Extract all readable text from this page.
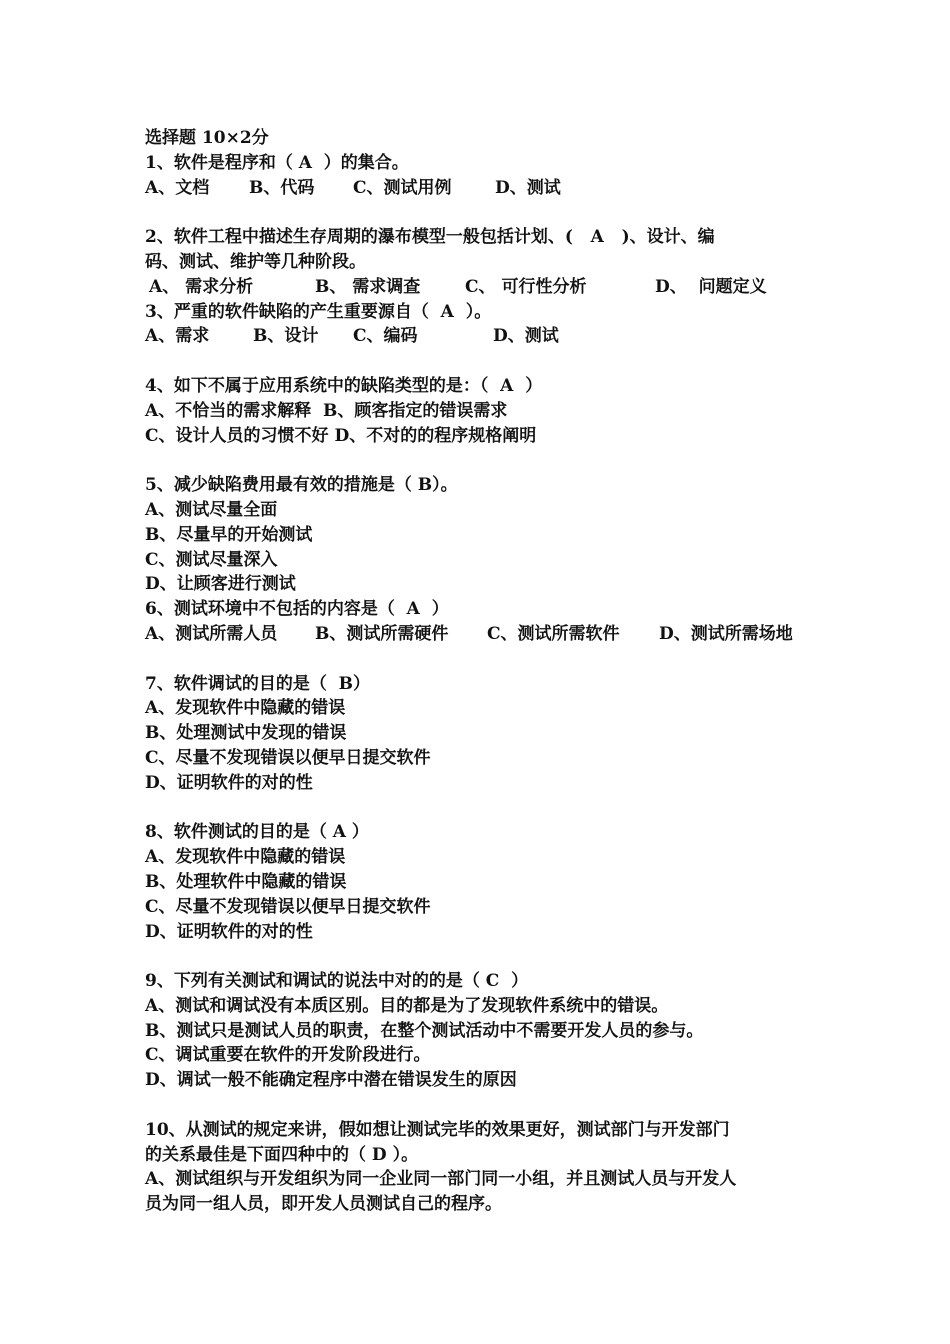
选择题 10×2分
1、软件是程序和（ A  ）的集合。
A、文档	B、代码	C、测试用例	D、测试
2、软件工程中描述生存周期的瀑布模型一般包括计划、(   A   )、设计、编
码、测试、维护等几种阶段。
A、 需求分析	B、 需求调查	C、 可行性分析	D、  问题定义
3、严重的软件缺陷的产生重要源自（  A  ）。
A、需求	B、设计	C、编码	D、测试
4、如下不属于应用系统中的缺陷类型的是：（  A  ）
A、不恰当的需求解释  B、顾客指定的错误需求
C、设计人员的习惯不好 D、不对的的程序规格阐明
5、减少缺陷费用最有效的措施是（ B）。
A、测试尽量全面
B、尽量早的开始测试
C、测试尽量深入
D、让顾客进行测试
6、测试环境中不包括的内容是（  A  ）
A、测试所需人员	B、测试所需硬件	C、测试所需软件	D、测试所需场地
7、软件调试的目的是（  B）
A、发现软件中隐藏的错误
B、处理测试中发现的错误
C、尽量不发现错误以便早日提交软件
D、证明软件的对的性
8、软件测试的目的是（ A ）
A、发现软件中隐藏的错误
B、处理软件中隐藏的错误
C、尽量不发现错误以便早日提交软件
D、证明软件的对的性
9、下列有关测试和调试的说法中对的的是（ C  ）
A、测试和调试没有本质区别。目的都是为了发现软件系统中的错误。
B、测试只是测试人员的职责，在整个测试活动中不需要开发人员的参与。
C、调试重要在软件的开发阶段进行。
D、调试一般不能确定程序中潜在错误发生的原因
10、从测试的规定来讲，假如想让测试完毕的效果更好，测试部门与开发部门
的关系最佳是下面四种中的（ D ）。
A、测试组织与开发组织为同一企业同一部门同一小组，并且测试人员与开发人
员为同一组人员，即开发人员测试自己的程序。
